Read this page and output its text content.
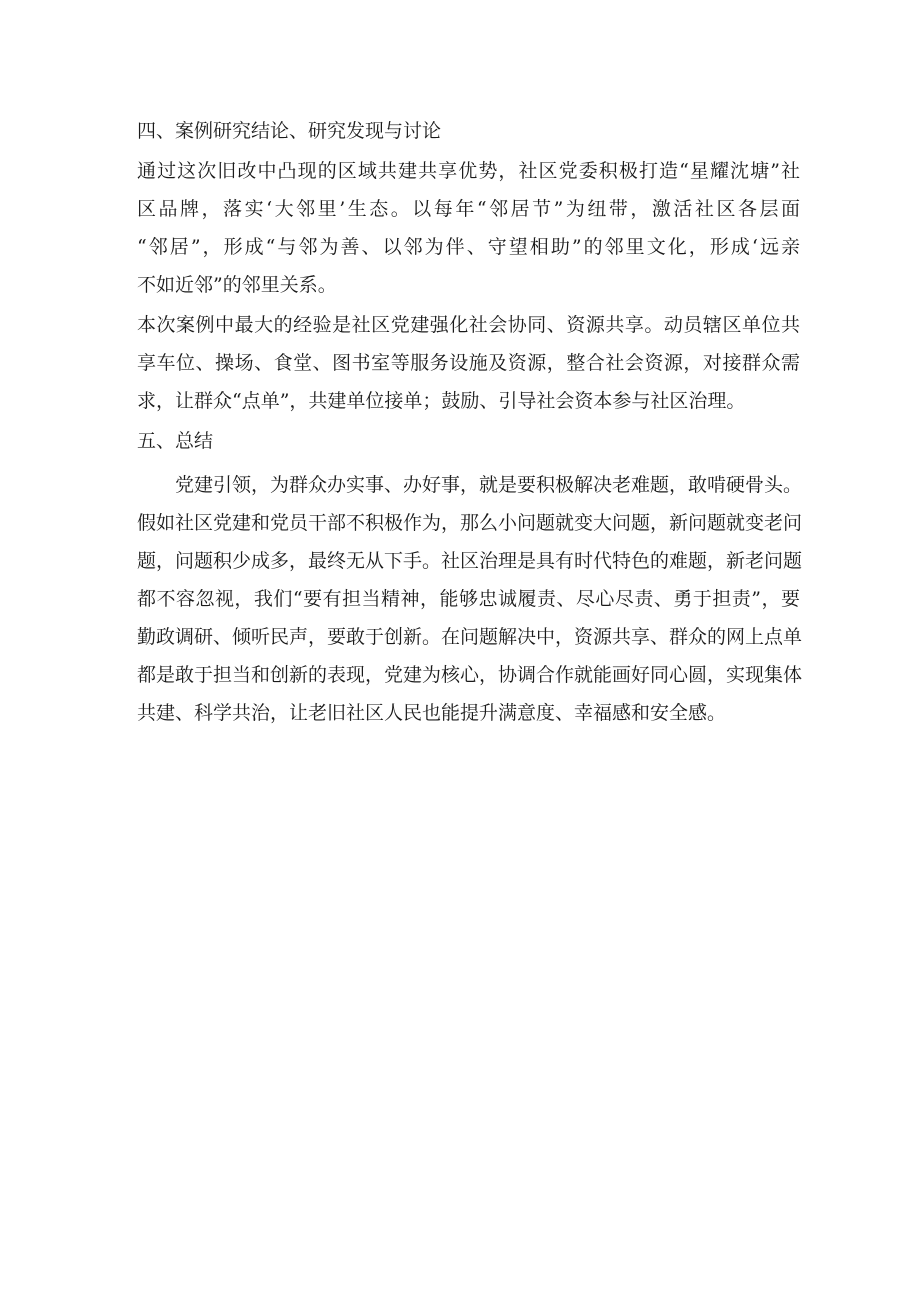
四、案例研究结论、研究发现与讨论

通过这次旧改中凸现的区域共建共享优势，社区党委积极打造“星耀沈塘”社
区品牌，落实‘大邻里’生态。以每年“邻居节”为纽带，激活社区各层面
“邻居”，形成“与邻为善、以邻为伴、守望相助”的邻里文化，形成‘远亲
不如近邻”的邻里关系。

本次案例中最大的经验是社区党建强化社会协同、资源共享。动员辖区单位共
享车位、操场、食堂、图书室等服务设施及资源，整合社会资源，对接群众需
求，让群众“点单”，共建单位接单；鼓励、引导社会资本参与社区治理。

五、总结

　　党建引领，为群众办实事、办好事，就是要积极解决老难题，敢啃硬骨头。
假如社区党建和党员干部不积极作为，那么小问题就变大问题，新问题就变老问
题，问题积少成多，最终无从下手。社区治理是具有时代特色的难题，新老问题
都不容忽视，我们“要有担当精神，能够忠诚履责、尽心尽责、勇于担责”，要
勤政调研、倾听民声，要敢于创新。在问题解决中，资源共享、群众的网上点单
都是敢于担当和创新的表现，党建为核心，协调合作就能画好同心圆，实现集体
共建、科学共治，让老旧社区人民也能提升满意度、幸福感和安全感。
